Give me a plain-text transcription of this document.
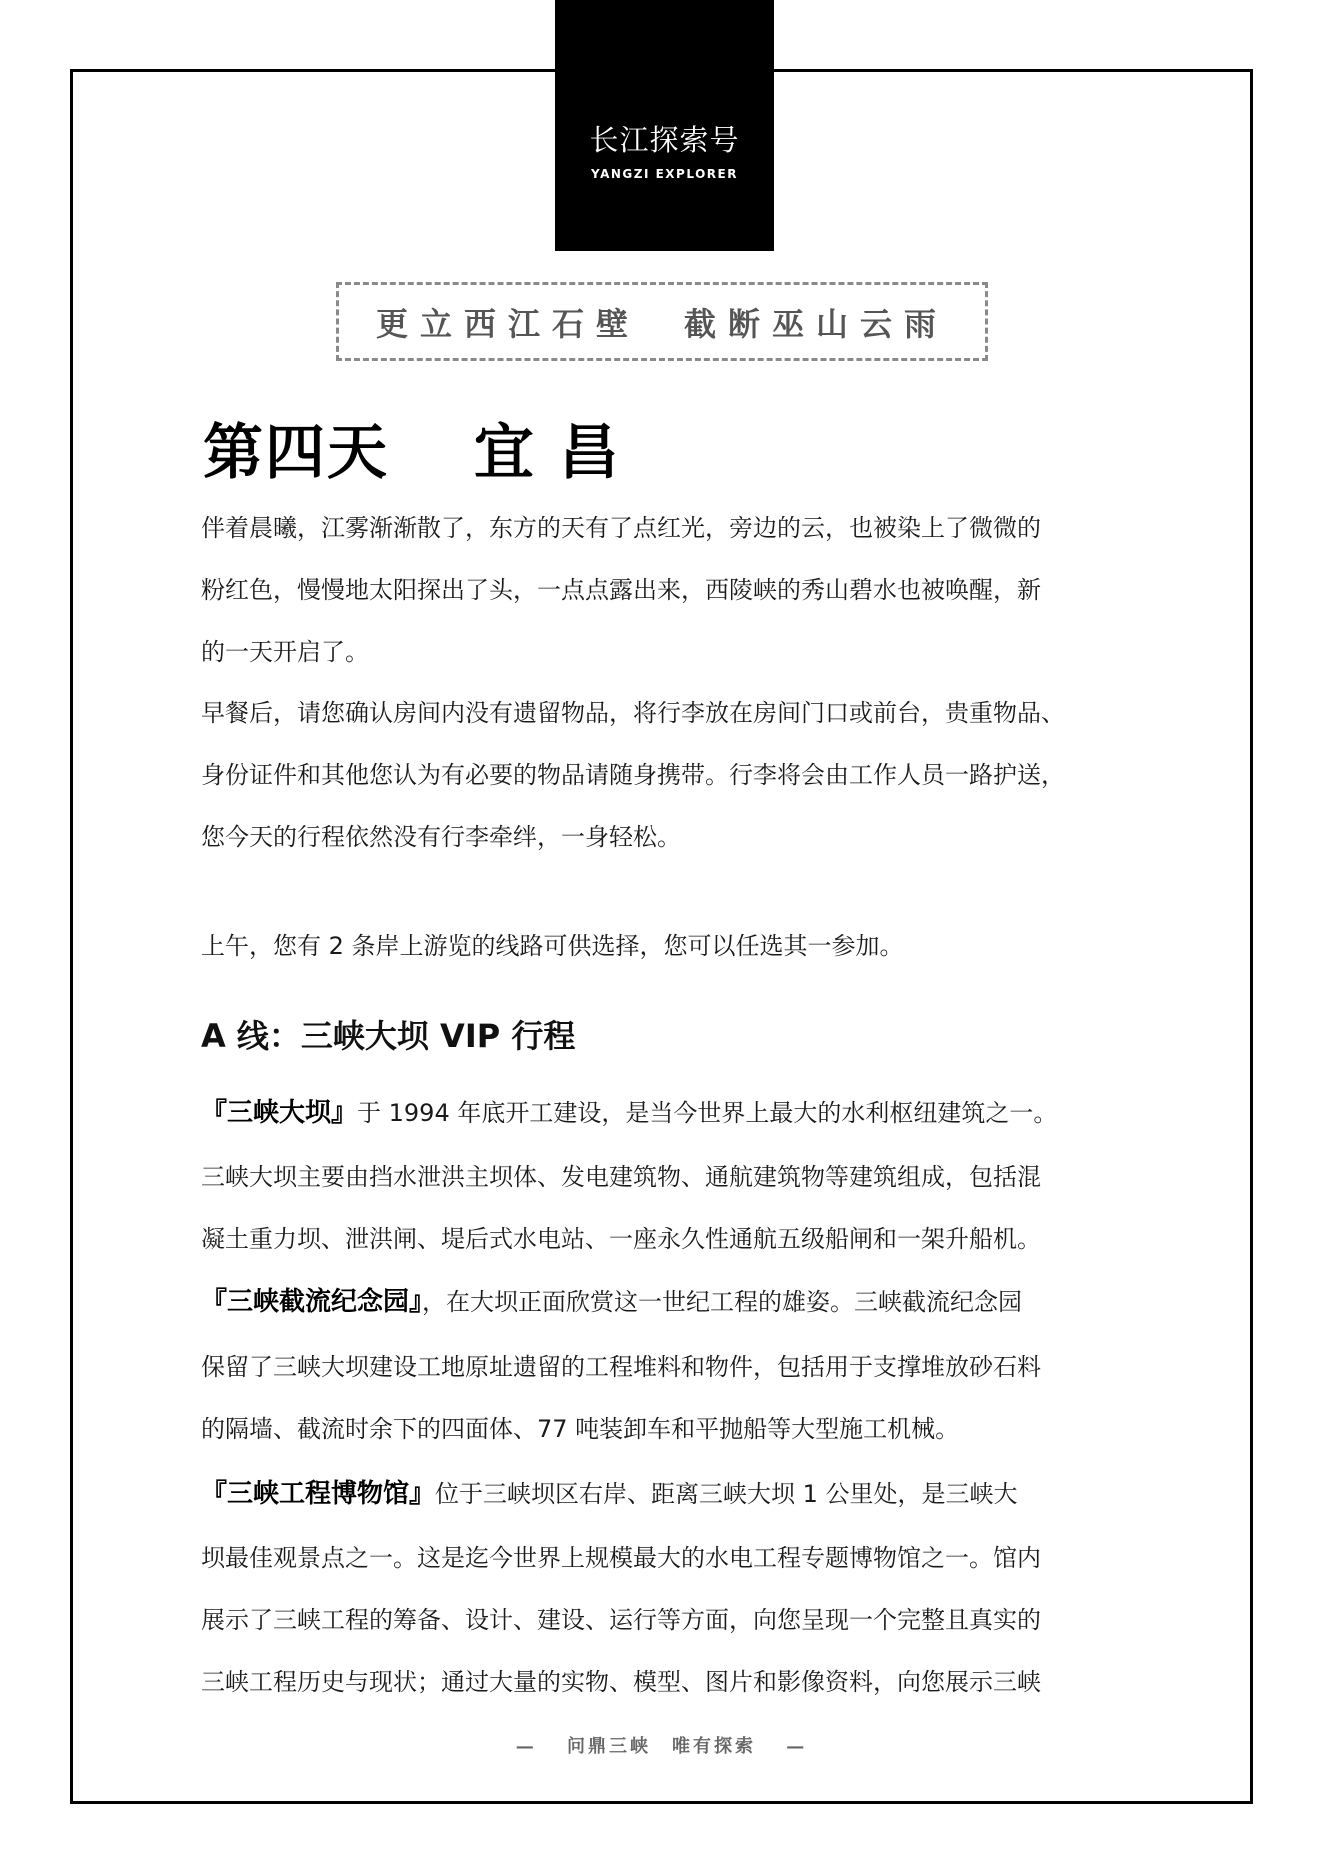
长江探索号
YANGZI EXPLORER
更立西江石壁　截断巫山云雨
第四天　 宜 昌
伴着晨曦，江雾渐渐散了，东方的天有了点红光，旁边的云，也被染上了微微的
粉红色，慢慢地太阳探出了头，一点点露出来，西陵峡的秀山碧水也被唤醒，新
的一天开启了。
早餐后，请您确认房间内没有遗留物品，将行李放在房间门口或前台，贵重物品、
身份证件和其他您认为有必要的物品请随身携带。行李将会由工作人员一路护送，
您今天的行程依然没有行李牵绊，一身轻松。
上午，您有 2 条岸上游览的线路可供选择，您可以任选其一参加。
A 线：三峡大坝 VIP 行程
『三峡大坝』于 1994 年底开工建设，是当今世界上最大的水利枢纽建筑之一。
三峡大坝主要由挡水泄洪主坝体、发电建筑物、通航建筑物等建筑组成，包括混
凝土重力坝、泄洪闸、堤后式水电站、一座永久性通航五级船闸和一架升船机。
『三峡截流纪念园』，在大坝正面欣赏这一世纪工程的雄姿。三峡截流纪念园
保留了三峡大坝建设工地原址遗留的工程堆料和物件，包括用于支撑堆放砂石料
的隔墙、截流时余下的四面体、77 吨装卸车和平抛船等大型施工机械。
『三峡工程博物馆』位于三峡坝区右岸、距离三峡大坝 1 公里处，是三峡大
坝最佳观景点之一。这是迄今世界上规模最大的水电工程专题博物馆之一。馆内
展示了三峡工程的筹备、设计、建设、运行等方面，向您呈现一个完整且真实的
三峡工程历史与现状；通过大量的实物、模型、图片和影像资料，向您展示三峡
—　 问鼎三峡　唯有探索　 —
